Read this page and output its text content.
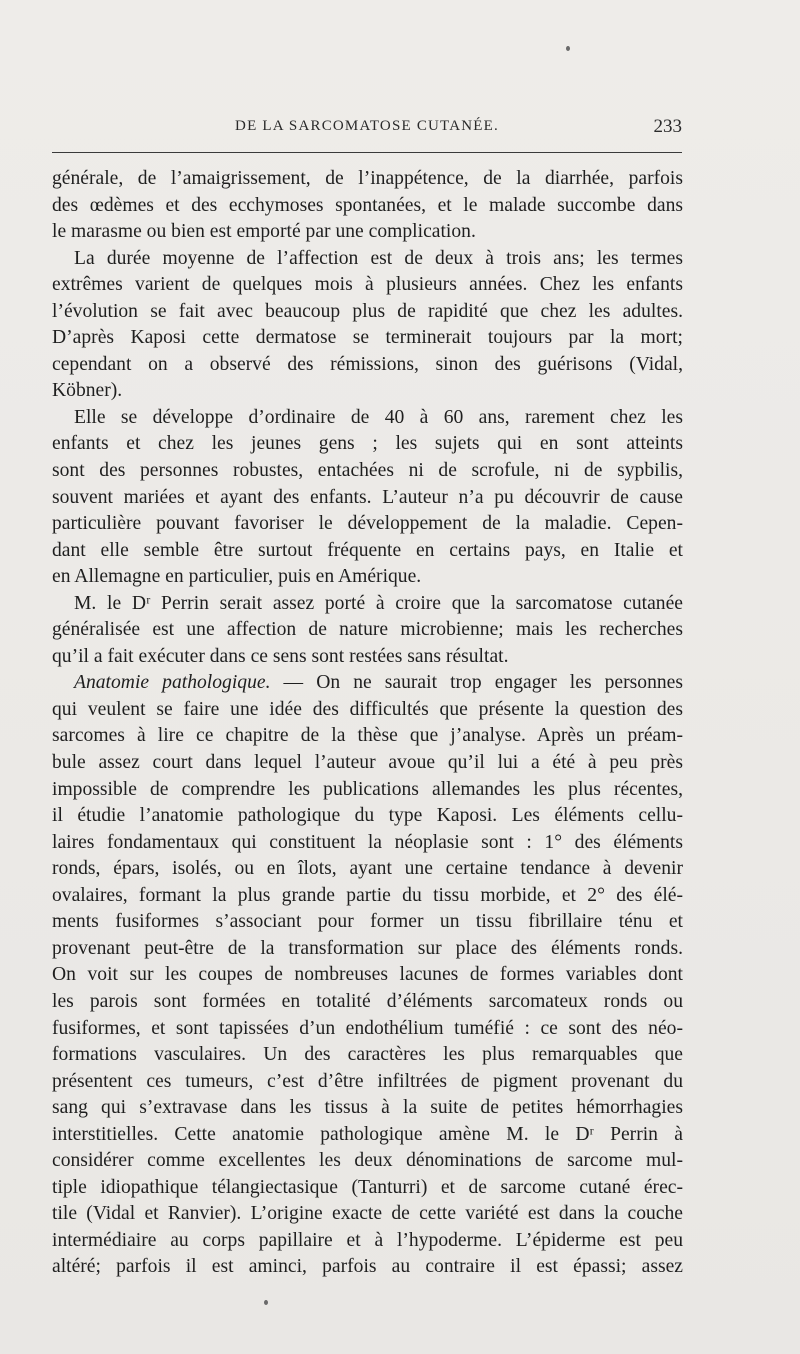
DE LA SARCOMATOSE CUTANÉE.	233
générale, de l’amaigrissement, de l’inappétence, de la diarrhée, parfois
des œdèmes et des ecchymoses spontanées, et le malade succombe dans
le marasme ou bien est emporté par une complication.
La durée moyenne de l’affection est de deux à trois ans; les termes
extrêmes varient de quelques mois à plusieurs années. Chez les enfants
l’évolution se fait avec beaucoup plus de rapidité que chez les adultes.
D’après Kaposi cette dermatose se terminerait toujours par la mort;
cependant on a observé des rémissions, sinon des guérisons (Vidal,
Köbner).
Elle se développe d’ordinaire de 40 à 60 ans, rarement chez les
enfants et chez les jeunes gens ; les sujets qui en sont atteints
sont des personnes robustes, entachées ni de scrofule, ni de sypbilis,
souvent mariées et ayant des enfants. L’auteur n’a pu découvrir de cause
particulière pouvant favoriser le développement de la maladie. Cepen-
dant elle semble être surtout fréquente en certains pays, en Italie et
en Allemagne en particulier, puis en Amérique.
M. le Dʳ Perrin serait assez porté à croire que la sarcomatose cutanée
généralisée est une affection de nature microbienne; mais les recherches
qu’il a fait exécuter dans ce sens sont restées sans résultat.
Anatomie pathologique. — On ne saurait trop engager les personnes
qui veulent se faire une idée des difficultés que présente la question des
sarcomes à lire ce chapitre de la thèse que j’analyse. Après un préam-
bule assez court dans lequel l’auteur avoue qu’il lui a été à peu près
impossible de comprendre les publications allemandes les plus récentes,
il étudie l’anatomie pathologique du type Kaposi. Les éléments cellu-
laires fondamentaux qui constituent la néoplasie sont : 1° des éléments
ronds, épars, isolés, ou en îlots, ayant une certaine tendance à devenir
ovalaires, formant la plus grande partie du tissu morbide, et 2° des élé-
ments fusiformes s’associant pour former un tissu fibrillaire ténu et
provenant peut-être de la transformation sur place des éléments ronds.
On voit sur les coupes de nombreuses lacunes de formes variables dont
les parois sont formées en totalité d’éléments sarcomateux ronds ou
fusiformes, et sont tapissées d’un endothélium tuméfié : ce sont des néo-
formations vasculaires. Un des caractères les plus remarquables que
présentent ces tumeurs, c’est d’être infiltrées de pigment provenant du
sang qui s’extravase dans les tissus à la suite de petites hémorrhagies
interstitielles. Cette anatomie pathologique amène M. le Dʳ Perrin à
considérer comme excellentes les deux dénominations de sarcome mul-
tiple idiopathique télangiectasique (Tanturri) et de sarcome cutané érec-
tile (Vidal et Ranvier). L’origine exacte de cette variété est dans la couche
intermédiaire au corps papillaire et à l’hypoderme. L’épiderme est peu
altéré; parfois il est aminci, parfois au contraire il est épassi; assez
